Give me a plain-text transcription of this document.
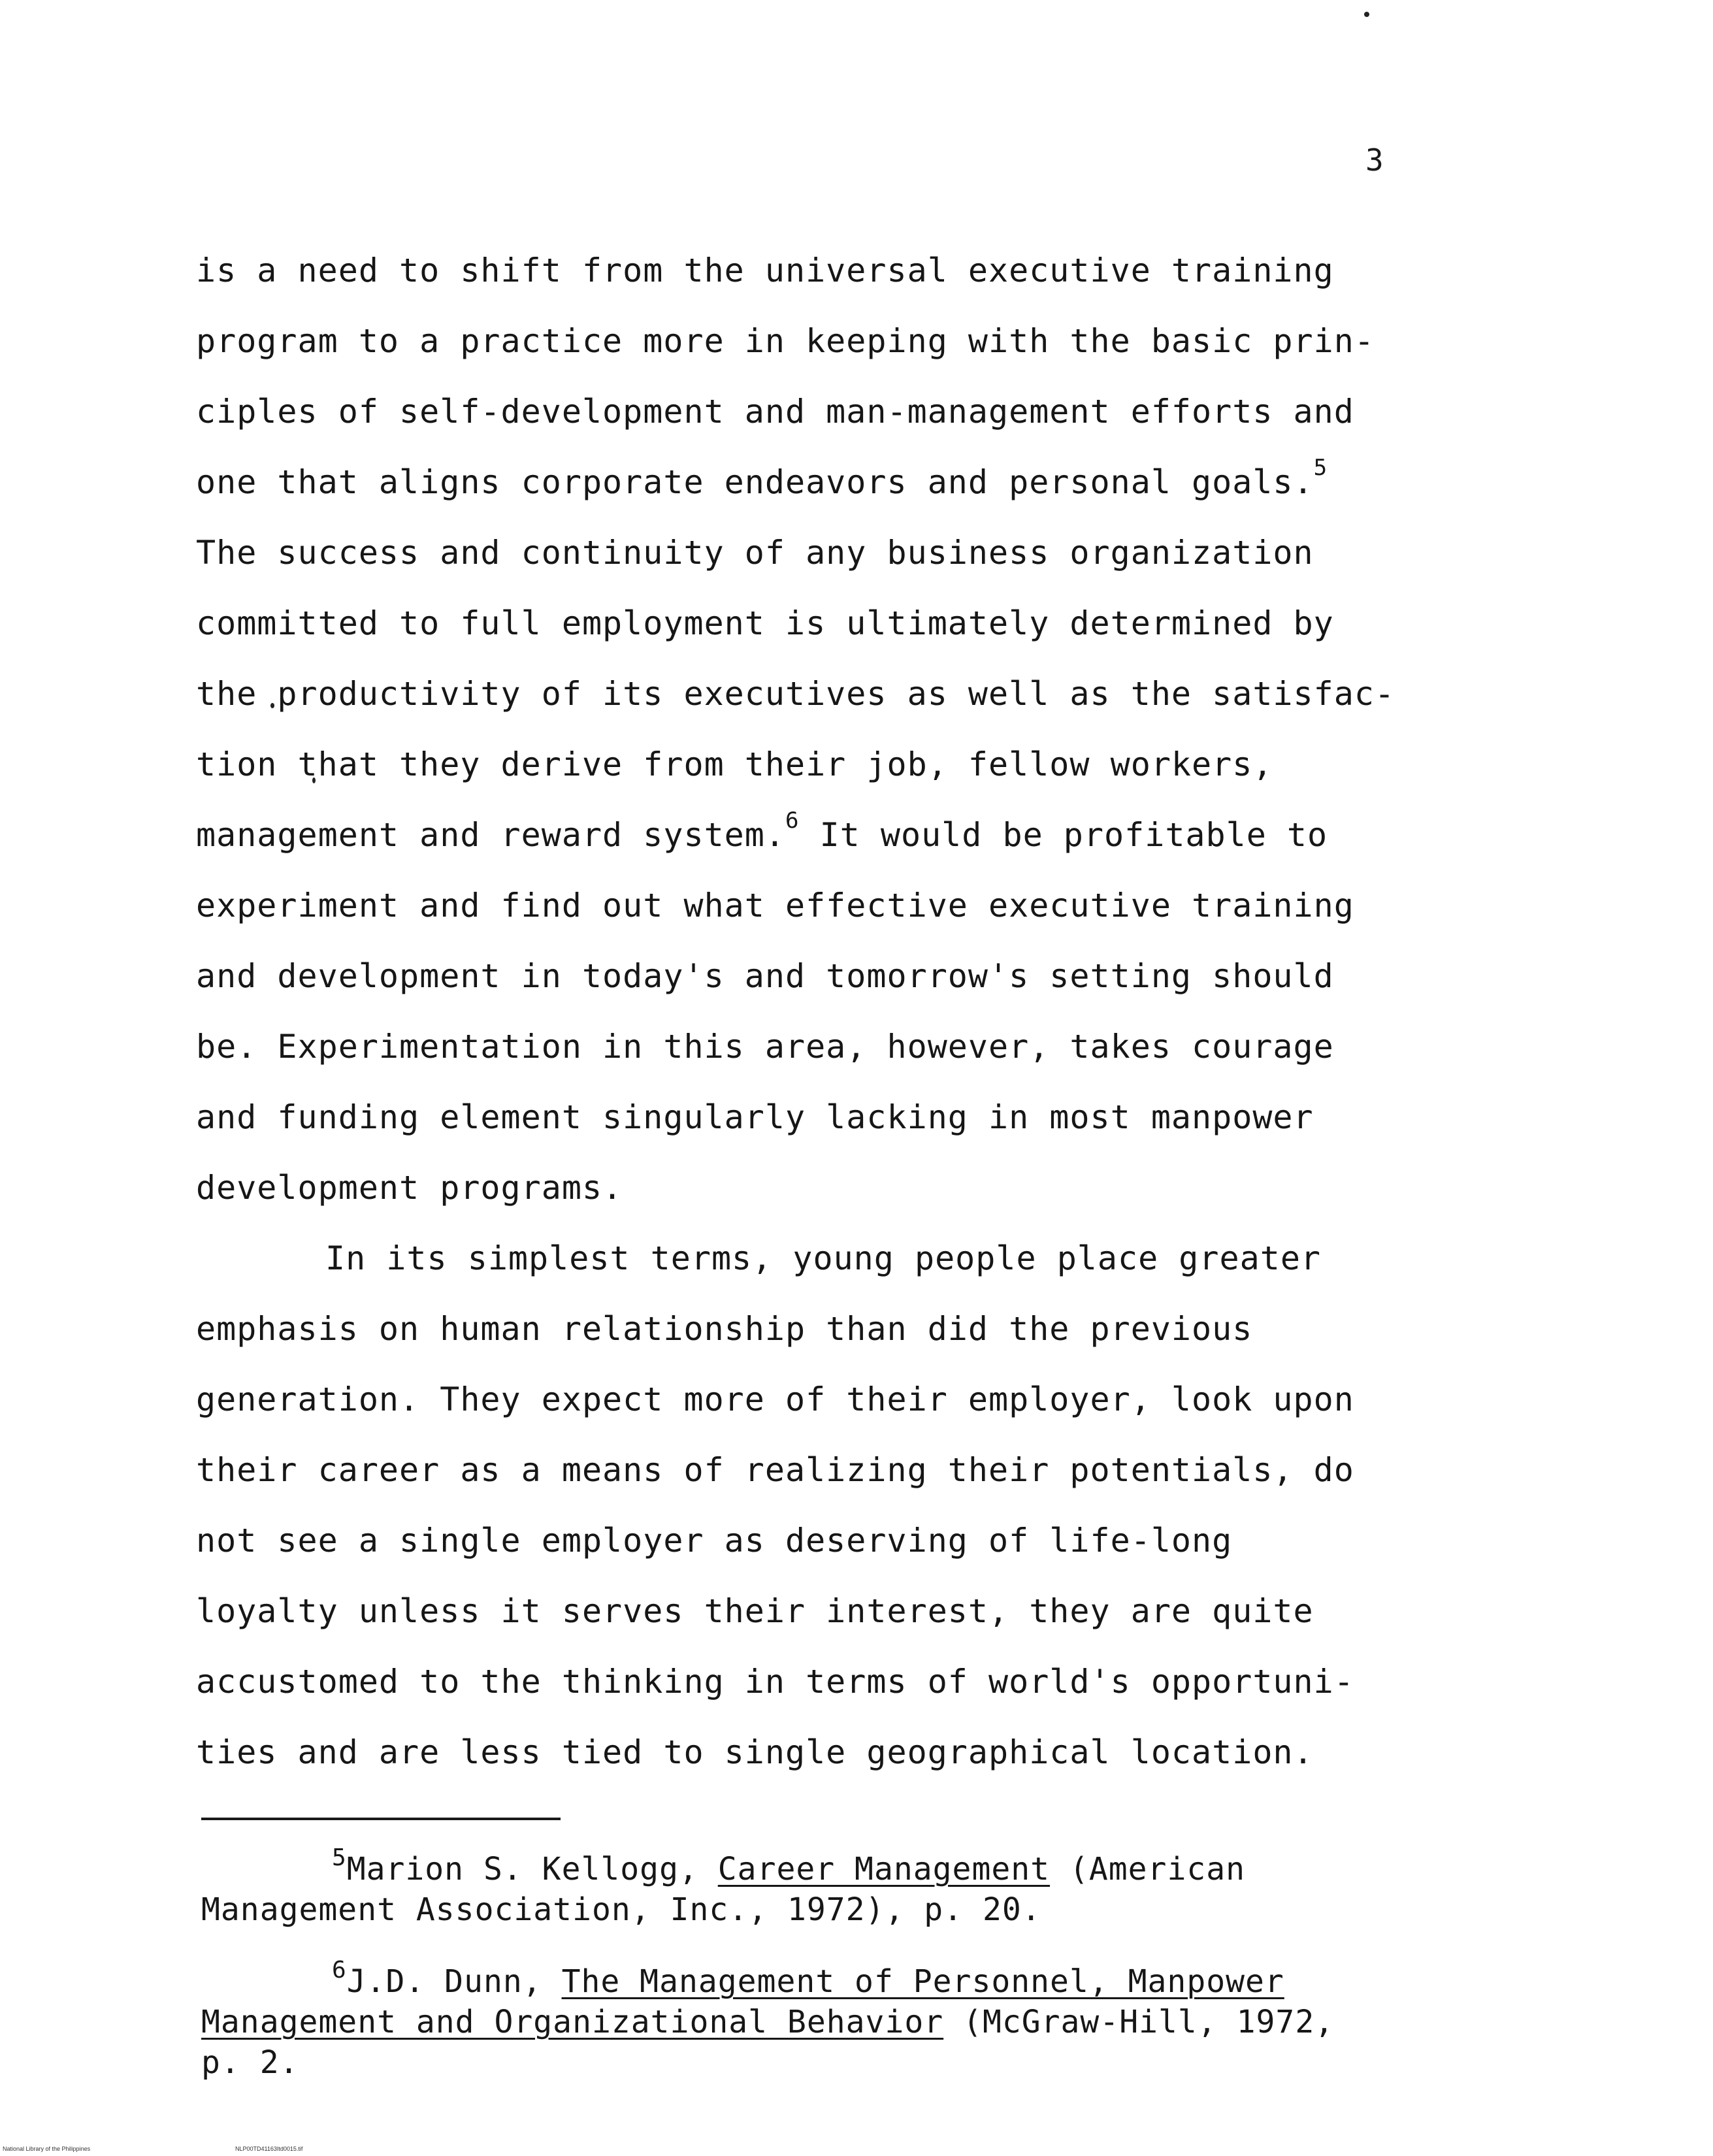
3
is a need to shift from the universal executive training
program to a practice more in keeping with the basic prin-
ciples of self-development and man-management efforts and
one that aligns corporate endeavors and personal goals.$^5$
The success and continuity of any business organization
committed to full employment is ultimately determined by
the productivity of its executives as well as the satisfac-
tion that they derive from their job, fellow workers,
management and reward system.$^6$ It would be profitable to
experiment and find out what effective executive training
and development in today's and tomorrow's setting should
be. Experimentation in this area, however, takes courage
and funding element singularly lacking in most manpower
development programs.
In its simplest terms, young people place greater
emphasis on human relationship than did the previous
generation. They expect more of their employer, look upon
their career as a means of realizing their potentials, do
not see a single employer as deserving of life-long
loyalty unless it serves their interest, they are quite
accustomed to the thinking in terms of world's opportuni-
ties and are less tied to single geographical location.
$^5$Marion S. Kellogg, Career Management (American
Management Association, Inc., 1972), p. 20.
$^6$J.D. Dunn, The Management of Personnel, Manpower
Management and Organizational Behavior (McGraw-Hill, 1972,
p. 2.
National Library of the Philippines	NLP00TD41163Itd0015.tif
